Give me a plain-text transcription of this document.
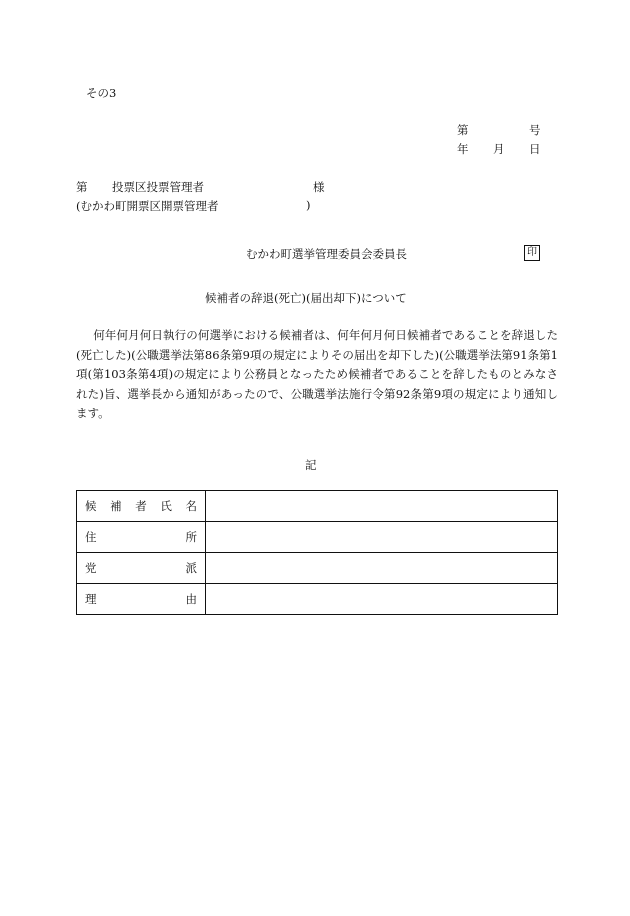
その3
第	号
年 月 日
第 投票区投票管理者	様
(むかわ町開票区開票管理者	)
むかわ町選挙管理委員会委員長	印
候補者の辞退(死亡)(届出却下)について
何年何月何日執行の何選挙における候補者は、何年何月何日候補者であることを辞退した(死亡した)(公職選挙法第86条第9項の規定によりその届出を却下した)(公職選挙法第91条第1項(第103条第4項)の規定により公務員となったため候補者であることを辞したものとみなされた)旨、選挙長から通知があったので、公職選挙法施行令第92条第9項の規定により通知します。
記
候補者氏名	
住所	
党派	
理由	
